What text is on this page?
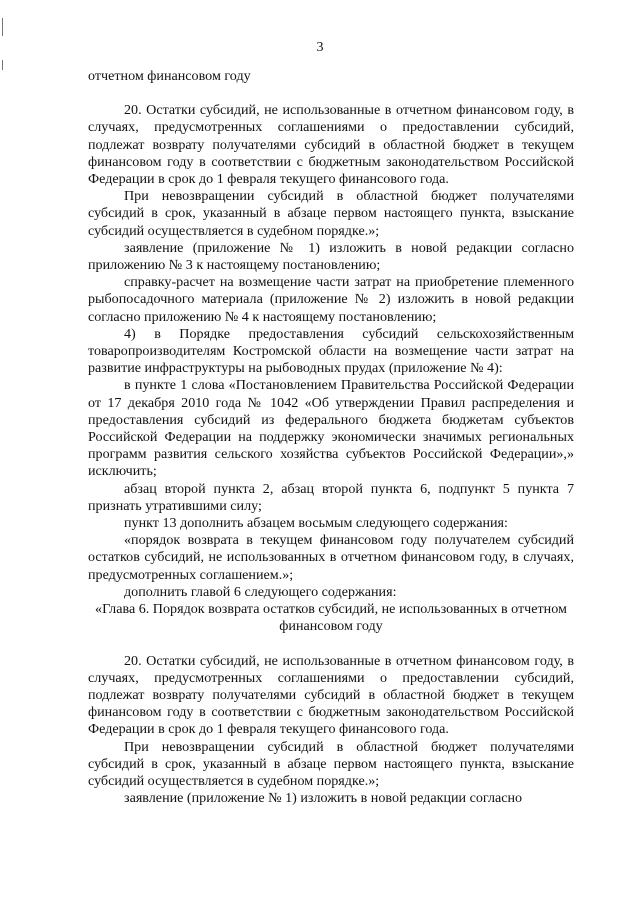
3

отчетном финансовом году

20. Остатки субсидий, не использованные в отчетном финансовом году, в случаях, предусмотренных соглашениями о предоставлении субсидий, подлежат возврату получателями субсидий в областной бюджет в текущем финансовом году в соответствии с бюджетным законодательством Российской Федерации в срок до 1 февраля текущего финансового года.

При невозвращении субсидий в областной бюджет получателями субсидий в срок, указанный в абзаце первом настоящего пункта, взыскание субсидий осуществляется в судебном порядке.»;

заявление (приложение № 1) изложить в новой редакции согласно приложению № 3 к настоящему постановлению;

справку-расчет на возмещение части затрат на приобретение племенного рыбопосадочного материала (приложение № 2) изложить в новой редакции согласно приложению № 4 к настоящему постановлению;

4) в Порядке предоставления субсидий сельскохозяйственным товаропроизводителям Костромской области на возмещение части затрат на развитие инфраструктуры на рыбоводных прудах (приложение № 4):

в пункте 1 слова «Постановлением Правительства Российской Федерации от 17 декабря 2010 года № 1042 «Об утверждении Правил распределения и предоставления субсидий из федерального бюджета бюджетам субъектов Российской Федерации на поддержку экономически значимых региональных программ развития сельского хозяйства субъектов Российской Федерации»,» исключить;

абзац второй пункта 2, абзац второй пункта 6, подпункт 5 пункта 7 признать утратившими силу;

пункт 13 дополнить абзацем восьмым следующего содержания:

«порядок возврата в текущем финансовом году получателем субсидий остатков субсидий, не использованных в отчетном финансовом году, в случаях, предусмотренных соглашением.»;

дополнить главой 6 следующего содержания:

«Глава 6. Порядок возврата остатков субсидий, не использованных в отчетном финансовом году

20. Остатки субсидий, не использованные в отчетном финансовом году, в случаях, предусмотренных соглашениями о предоставлении субсидий, подлежат возврату получателями субсидий в областной бюджет в текущем финансовом году в соответствии с бюджетным законодательством Российской Федерации в срок до 1 февраля текущего финансового года.

При невозвращении субсидий в областной бюджет получателями субсидий в срок, указанный в абзаце первом настоящего пункта, взыскание субсидий осуществляется в судебном порядке.»;

заявление (приложение № 1) изложить в новой редакции согласно
